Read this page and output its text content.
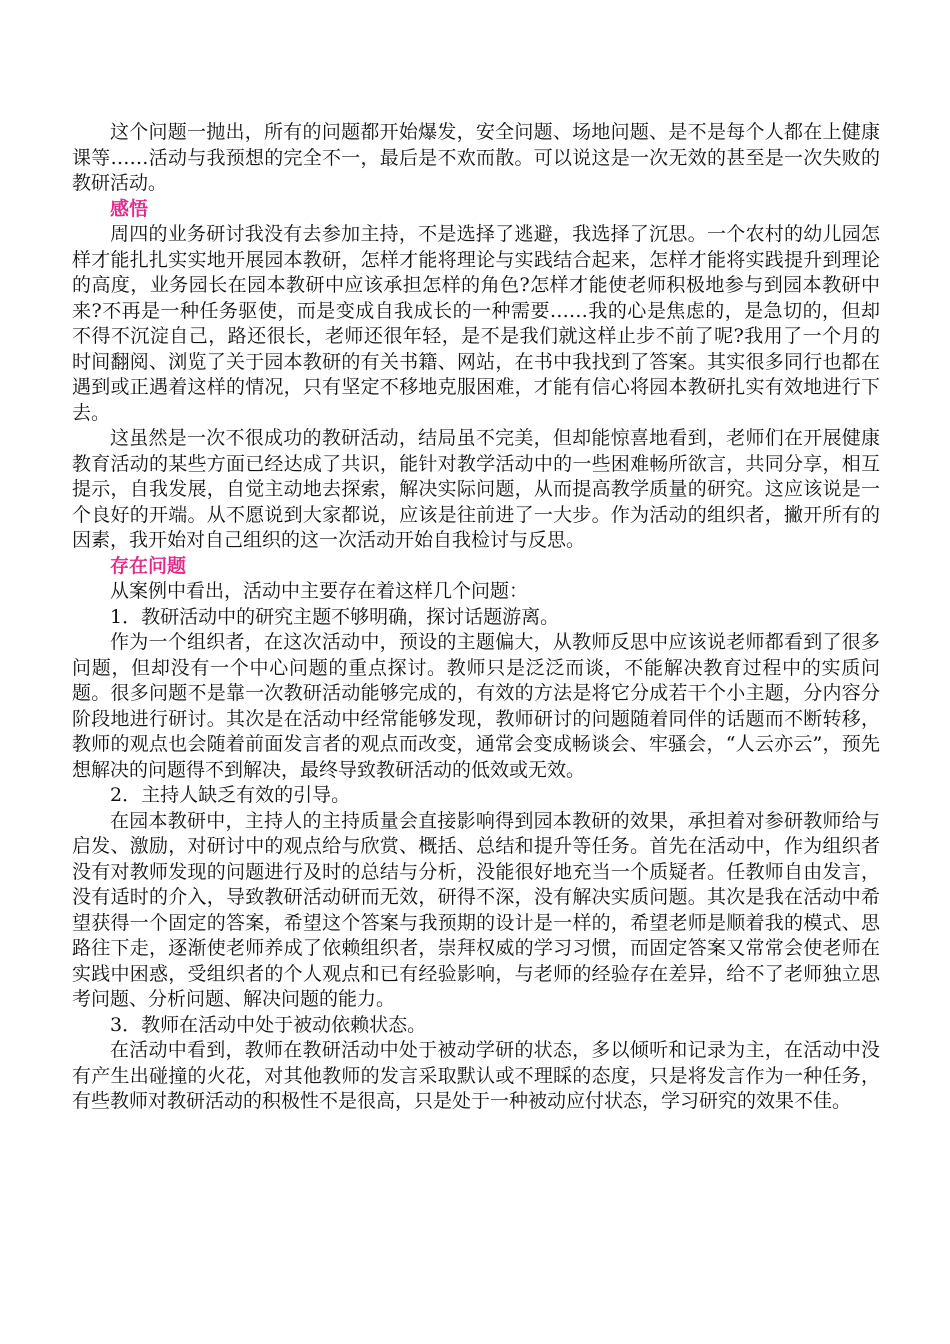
这个问题一抛出，所有的问题都开始爆发，安全问题、场地问题、是不是每个人都在上健康课等……活动与我预想的完全不一，最后是不欢而散。可以说这是一次无效的甚至是一次失败的教研活动。

感悟

周四的业务研讨我没有去参加主持，不是选择了逃避，我选择了沉思。一个农村的幼儿园怎样才能扎扎实实地开展园本教研，怎样才能将理论与实践结合起来，怎样才能将实践提升到理论的高度，业务园长在园本教研中应该承担怎样的角色?怎样才能使老师积极地参与到园本教研中来?不再是一种任务驱使，而是变成自我成长的一种需要……我的心是焦虑的，是急切的，但却不得不沉淀自己，路还很长，老师还很年轻，是不是我们就这样止步不前了呢?我用了一个月的时间翻阅、浏览了关于园本教研的有关书籍、网站，在书中我找到了答案。其实很多同行也都在遇到或正遇着这样的情况，只有坚定不移地克服困难，才能有信心将园本教研扎实有效地进行下去。

这虽然是一次不很成功的教研活动，结局虽不完美，但却能惊喜地看到，老师们在开展健康教育活动的某些方面已经达成了共识，能针对教学活动中的一些困难畅所欲言，共同分享，相互提示，自我发展，自觉主动地去探索，解决实际问题，从而提高教学质量的研究。这应该说是一个良好的开端。从不愿说到大家都说，应该是往前进了一大步。作为活动的组织者，撇开所有的因素，我开始对自己组织的这一次活动开始自我检讨与反思。

存在问题

从案例中看出，活动中主要存在着这样几个问题：

1．教研活动中的研究主题不够明确，探讨话题游离。

作为一个组织者，在这次活动中，预设的主题偏大，从教师反思中应该说老师都看到了很多问题，但却没有一个中心问题的重点探讨。教师只是泛泛而谈，不能解决教育过程中的实质问题。很多问题不是靠一次教研活动能够完成的，有效的方法是将它分成若干个小主题，分内容分阶段地进行研讨。其次是在活动中经常能够发现，教师研讨的问题随着同伴的话题而不断转移，教师的观点也会随着前面发言者的观点而改变，通常会变成畅谈会、牢骚会，“人云亦云”，预先想解决的问题得不到解决，最终导致教研活动的低效或无效。

2．主持人缺乏有效的引导。

在园本教研中，主持人的主持质量会直接影响得到园本教研的效果，承担着对参研教师给与启发、激励，对研讨中的观点给与欣赏、概括、总结和提升等任务。首先在活动中，作为组织者没有对教师发现的问题进行及时的总结与分析，没能很好地充当一个质疑者。任教师自由发言，没有适时的介入，导致教研活动研而无效，研得不深，没有解决实质问题。其次是我在活动中希望获得一个固定的答案，希望这个答案与我预期的设计是一样的，希望老师是顺着我的模式、思路往下走，逐渐使老师养成了依赖组织者，崇拜权威的学习习惯，而固定答案又常常会使老师在实践中困惑，受组织者的个人观点和已有经验影响，与老师的经验存在差异，给不了老师独立思考问题、分析问题、解决问题的能力。

3．教师在活动中处于被动依赖状态。

在活动中看到，教师在教研活动中处于被动学研的状态，多以倾听和记录为主，在活动中没有产生出碰撞的火花，对其他教师的发言采取默认或不理睬的态度，只是将发言作为一种任务，有些教师对教研活动的积极性不是很高，只是处于一种被动应付状态，学习研究的效果不佳。
